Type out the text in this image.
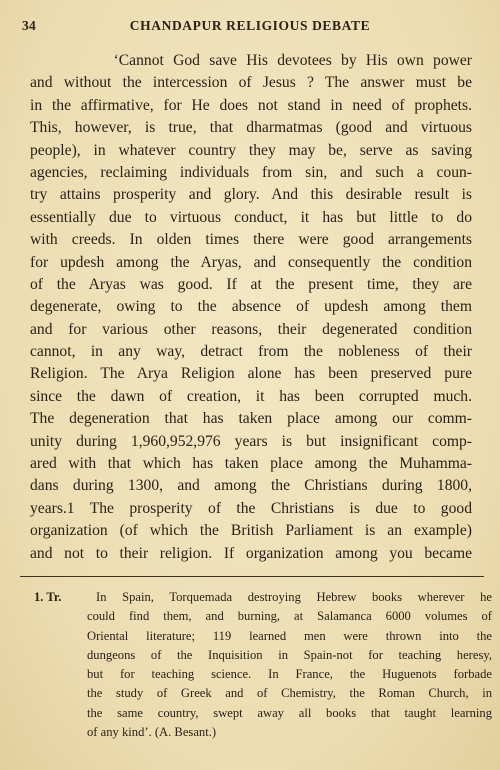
34	CHANDAPUR RELIGIOUS DEBATE
‘Cannot God save His devotees by His own power
and without the intercession of Jesus ? The answer must be
in the affirmative, for He does not stand in need of prophets.
This, however, is true, that dharmatmas (good and virtuous
people), in whatever country they may be, serve as saving
agencies, reclaiming individuals from sin, and such a coun-
try attains prosperity and glory. And this desirable result is
essentially due to virtuous conduct, it has but little to do
with creeds. In olden times there were good arrangements
for updesh among the Aryas, and consequently the condition
of the Aryas was good. If at the present time, they are
degenerate, owing to the absence of updesh among them
and for various other reasons, their degenerated condition
cannot, in any way, detract from the nobleness of their
Religion. The Arya Religion alone has been preserved pure
since the dawn of creation, it has been corrupted much.
The degeneration that has taken place among our comm-
unity during 1,960,952,976 years is but insignificant comp-
ared with that which has taken place among the Muhamma-
dans during 1300, and among the Christians during 1800,
years.1 The prosperity of the Christians is due to good
organization (of which the British Parliament is an example)
and not to their religion. If organization among you became
1. Tr.	In Spain, Torquemada destroying Hebrew books wherever he
could find them, and burning, at Salamanca 6000 volumes of
Oriental literature; 119 learned men were thrown into the
dungeons of the Inquisition in Spain-not for teaching heresy,
but for teaching science. In France, the Huguenots forbade
the study of Greek and of Chemistry, the Roman Church, in
the same country, swept away all books that taught learning
of any kind’. (A. Besant.)
